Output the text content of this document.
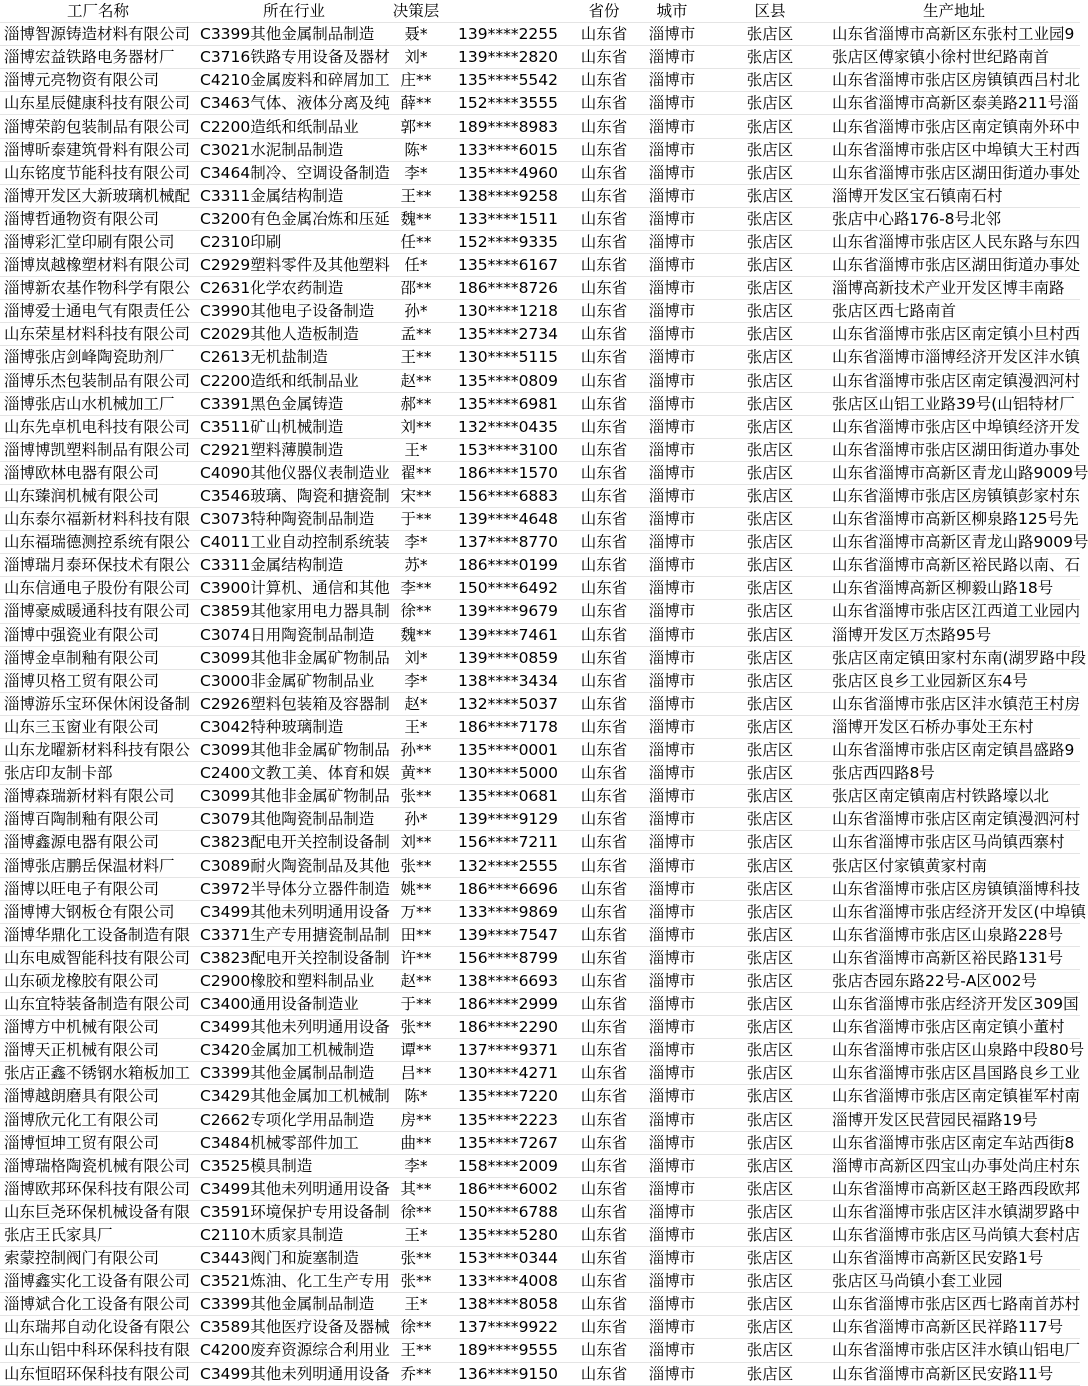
工厂名称	所在行业	决策层		省份	城市	区县	生产地址
淄博智源铸造材料有限公司	C3399其他金属制品制造	聂*	139****2255	山东省	淄博市	张店区	山东省淄博市高新区东张村工业园9
淄博宏益铁路电务器材厂	C3716铁路专用设备及器材	刘*	139****2820	山东省	淄博市	张店区	张店区傅家镇小徐村世纪路南首
淄博元亮物资有限公司	C4210金属废料和碎屑加工	庄**	135****5542	山东省	淄博市	张店区	山东省淄博市张店区房镇镇西吕村北
山东星辰健康科技有限公司	C3463气体、液体分离及纯	薛**	152****3555	山东省	淄博市	张店区	山东省淄博市高新区泰美路211号淄
淄博荣韵包装制品有限公司	C2200造纸和纸制品业	郭**	189****8983	山东省	淄博市	张店区	山东省淄博市张店区南定镇南外环中
淄博昕泰建筑骨料有限公司	C3021水泥制品制造	陈*	133****6015	山东省	淄博市	张店区	山东省淄博市张店区中埠镇大王村西
山东铭度节能科技有限公司	C3464制冷、空调设备制造	李*	135****4960	山东省	淄博市	张店区	山东省淄博市张店区湖田街道办事处
淄博开发区大新玻璃机械配	C3311金属结构制造	王**	138****9258	山东省	淄博市	张店区	淄博开发区宝石镇南石村
淄博哲通物资有限公司	C3200有色金属冶炼和压延	魏**	133****1511	山东省	淄博市	张店区	张店中心路176-8号北邻
淄博彩汇堂印刷有限公司	C2310印刷	任**	152****9335	山东省	淄博市	张店区	山东省淄博市张店区人民东路与东四
淄博岚越橡塑材料有限公司	C2929塑料零件及其他塑料	任*	135****6167	山东省	淄博市	张店区	山东省淄博市张店区湖田街道办事处
淄博新农基作物科学有限公	C2631化学农药制造	邵**	186****8726	山东省	淄博市	张店区	淄博高新技术产业开发区博丰南路
淄博爱士通电气有限责任公	C3990其他电子设备制造	孙*	130****1218	山东省	淄博市	张店区	张店区西七路南首
山东荣星材料科技有限公司	C2029其他人造板制造	孟**	135****2734	山东省	淄博市	张店区	山东省淄博市张店区南定镇小旦村西
淄博张店剑峰陶瓷助剂厂	C2613无机盐制造	王**	130****5115	山东省	淄博市	张店区	山东省淄博市淄博经济开发区沣水镇
淄博乐杰包装制品有限公司	C2200造纸和纸制品业	赵**	135****0809	山东省	淄博市	张店区	山东省淄博市张店区南定镇漫泗河村
淄博张店山水机械加工厂	C3391黑色金属铸造	郝**	135****6981	山东省	淄博市	张店区	张店区山铝工业路39号(山铝特材厂
山东先卓机电科技有限公司	C3511矿山机械制造	刘**	132****0435	山东省	淄博市	张店区	山东省淄博市张店区中埠镇经济开发
淄博博凯塑料制品有限公司	C2921塑料薄膜制造	王*	153****3100	山东省	淄博市	张店区	山东省淄博市张店区湖田街道办事处
淄博欧林电器有限公司	C4090其他仪器仪表制造业	翟**	186****1570	山东省	淄博市	张店区	山东省淄博市高新区青龙山路9009号
山东臻润机械有限公司	C3546玻璃、陶瓷和搪瓷制	宋**	156****6883	山东省	淄博市	张店区	山东省淄博市张店区房镇镇彭家村东
山东泰尔福新材料科技有限	C3073特种陶瓷制品制造	于**	139****4648	山东省	淄博市	张店区	山东省淄博市高新区柳泉路125号先
山东福瑞德测控系统有限公	C4011工业自动控制系统装	李*	137****8770	山东省	淄博市	张店区	山东省淄博市高新区青龙山路9009号
淄博瑞月泰环保技术有限公	C3311金属结构制造	苏*	186****0199	山东省	淄博市	张店区	山东省淄博市高新区裕民路以南、石
山东信通电子股份有限公司	C3900计算机、通信和其他	李**	150****6492	山东省	淄博市	张店区	山东省淄博高新区柳毅山路18号
淄博豪威暖通科技有限公司	C3859其他家用电力器具制	徐**	139****9679	山东省	淄博市	张店区	山东省淄博市张店区江西道工业园内
淄博中强瓷业有限公司	C3074日用陶瓷制品制造	魏**	139****7461	山东省	淄博市	张店区	淄博开发区万杰路95号
淄博金卓制釉有限公司	C3099其他非金属矿物制品	刘*	139****0859	山东省	淄博市	张店区	张店区南定镇田家村东南(湖罗路中段
淄博贝格工贸有限公司	C3000非金属矿物制品业	李*	138****3434	山东省	淄博市	张店区	张店区良乡工业园新区东4号
淄博游乐宝环保休闲设备制	C2926塑料包装箱及容器制	赵*	132****5037	山东省	淄博市	张店区	山东省淄博市张店区沣水镇范王村房
山东三玉窗业有限公司	C3042特种玻璃制造	王*	186****7178	山东省	淄博市	张店区	淄博开发区石桥办事处王东村
山东龙曜新材料科技有限公	C3099其他非金属矿物制品	孙**	135****0001	山东省	淄博市	张店区	山东省淄博市张店区南定镇昌盛路9
张店印友制卡部	C2400文教工美、体育和娱	黄**	130****5000	山东省	淄博市	张店区	张店西四路8号
淄博森瑞新材料有限公司	C3099其他非金属矿物制品	张**	135****0681	山东省	淄博市	张店区	张店区南定镇南店村铁路壕以北
淄博百陶制釉有限公司	C3079其他陶瓷制品制造	孙*	139****9129	山东省	淄博市	张店区	山东省淄博市张店区南定镇漫泗河村
淄博鑫源电器有限公司	C3823配电开关控制设备制	刘**	156****7211	山东省	淄博市	张店区	山东省淄博市张店区马尚镇西寨村
淄博张店鹏岳保温材料厂	C3089耐火陶瓷制品及其他	张**	132****2555	山东省	淄博市	张店区	张店区付家镇黄家村南
淄博以旺电子有限公司	C3972半导体分立器件制造	姚**	186****6696	山东省	淄博市	张店区	山东省淄博市张店区房镇镇淄博科技
淄博博大钢板仓有限公司	C3499其他未列明通用设备	万**	133****9869	山东省	淄博市	张店区	山东省淄博市张店经济开发区(中埠镇
淄博华鼎化工设备制造有限	C3371生产专用搪瓷制品制	田**	139****7547	山东省	淄博市	张店区	山东省淄博市张店区山泉路228号
山东电威智能科技有限公司	C3823配电开关控制设备制	许**	156****8799	山东省	淄博市	张店区	山东省淄博市高新区裕民路131号
山东硕龙橡胶有限公司	C2900橡胶和塑料制品业	赵**	138****6693	山东省	淄博市	张店区	张店杏园东路22号-A区002号
山东宜特装备制造有限公司	C3400通用设备制造业	于**	186****2999	山东省	淄博市	张店区	山东省淄博市张店经济开发区309国
淄博方中机械有限公司	C3499其他未列明通用设备	张**	186****2290	山东省	淄博市	张店区	山东省淄博市张店区南定镇小董村
淄博天正机械有限公司	C3420金属加工机械制造	谭**	137****9371	山东省	淄博市	张店区	山东省淄博市张店区山泉路中段80号
张店正鑫不锈钢水箱板加工	C3399其他金属制品制造	吕**	130****4271	山东省	淄博市	张店区	山东省淄博市张店区昌国路良乡工业
淄博越朗磨具有限公司	C3429其他金属加工机械制	陈*	135****7220	山东省	淄博市	张店区	山东省淄博市张店区南定镇崔军村南
淄博欣元化工有限公司	C2662专项化学用品制造	房**	135****2223	山东省	淄博市	张店区	淄博开发区民营园民福路19号
淄博恒坤工贸有限公司	C3484机械零部件加工	曲**	135****7267	山东省	淄博市	张店区	山东省淄博市张店区南定车站西街8
淄博瑞格陶瓷机械有限公司	C3525模具制造	李*	158****2009	山东省	淄博市	张店区	淄博市高新区四宝山办事处尚庄村东
淄博欧邦环保科技有限公司	C3499其他未列明通用设备	其**	186****6002	山东省	淄博市	张店区	山东省淄博市高新区赵王路西段欧邦
山东巨尧环保机械设备有限	C3591环境保护专用设备制	徐**	150****6788	山东省	淄博市	张店区	山东省淄博市张店区沣水镇湖罗路中
张店王氏家具厂	C2110木质家具制造	王*	135****5280	山东省	淄博市	张店区	山东省淄博市张店区马尚镇大套村店
索蒙控制阀门有限公司	C3443阀门和旋塞制造	张**	153****0344	山东省	淄博市	张店区	山东省淄博市高新区民安路1号
淄博鑫实化工设备有限公司	C3521炼油、化工生产专用	张**	133****4008	山东省	淄博市	张店区	张店区马尚镇小套工业园
淄博斌合化工设备有限公司	C3399其他金属制品制造	王*	138****8058	山东省	淄博市	张店区	山东省淄博市张店区西七路南首苏村
山东瑞邦自动化设备有限公	C3589其他医疗设备及器械	徐**	137****9922	山东省	淄博市	张店区	山东省淄博市高新区民祥路117号
山东山铝中科环保科技有限	C4200废弃资源综合利用业	王**	189****9555	山东省	淄博市	张店区	山东省淄博市张店区沣水镇山铝电厂
山东恒昭环保科技有限公司	C3499其他未列明通用设备	乔**	136****9150	山东省	淄博市	张店区	山东省淄博市高新区民安路11号
